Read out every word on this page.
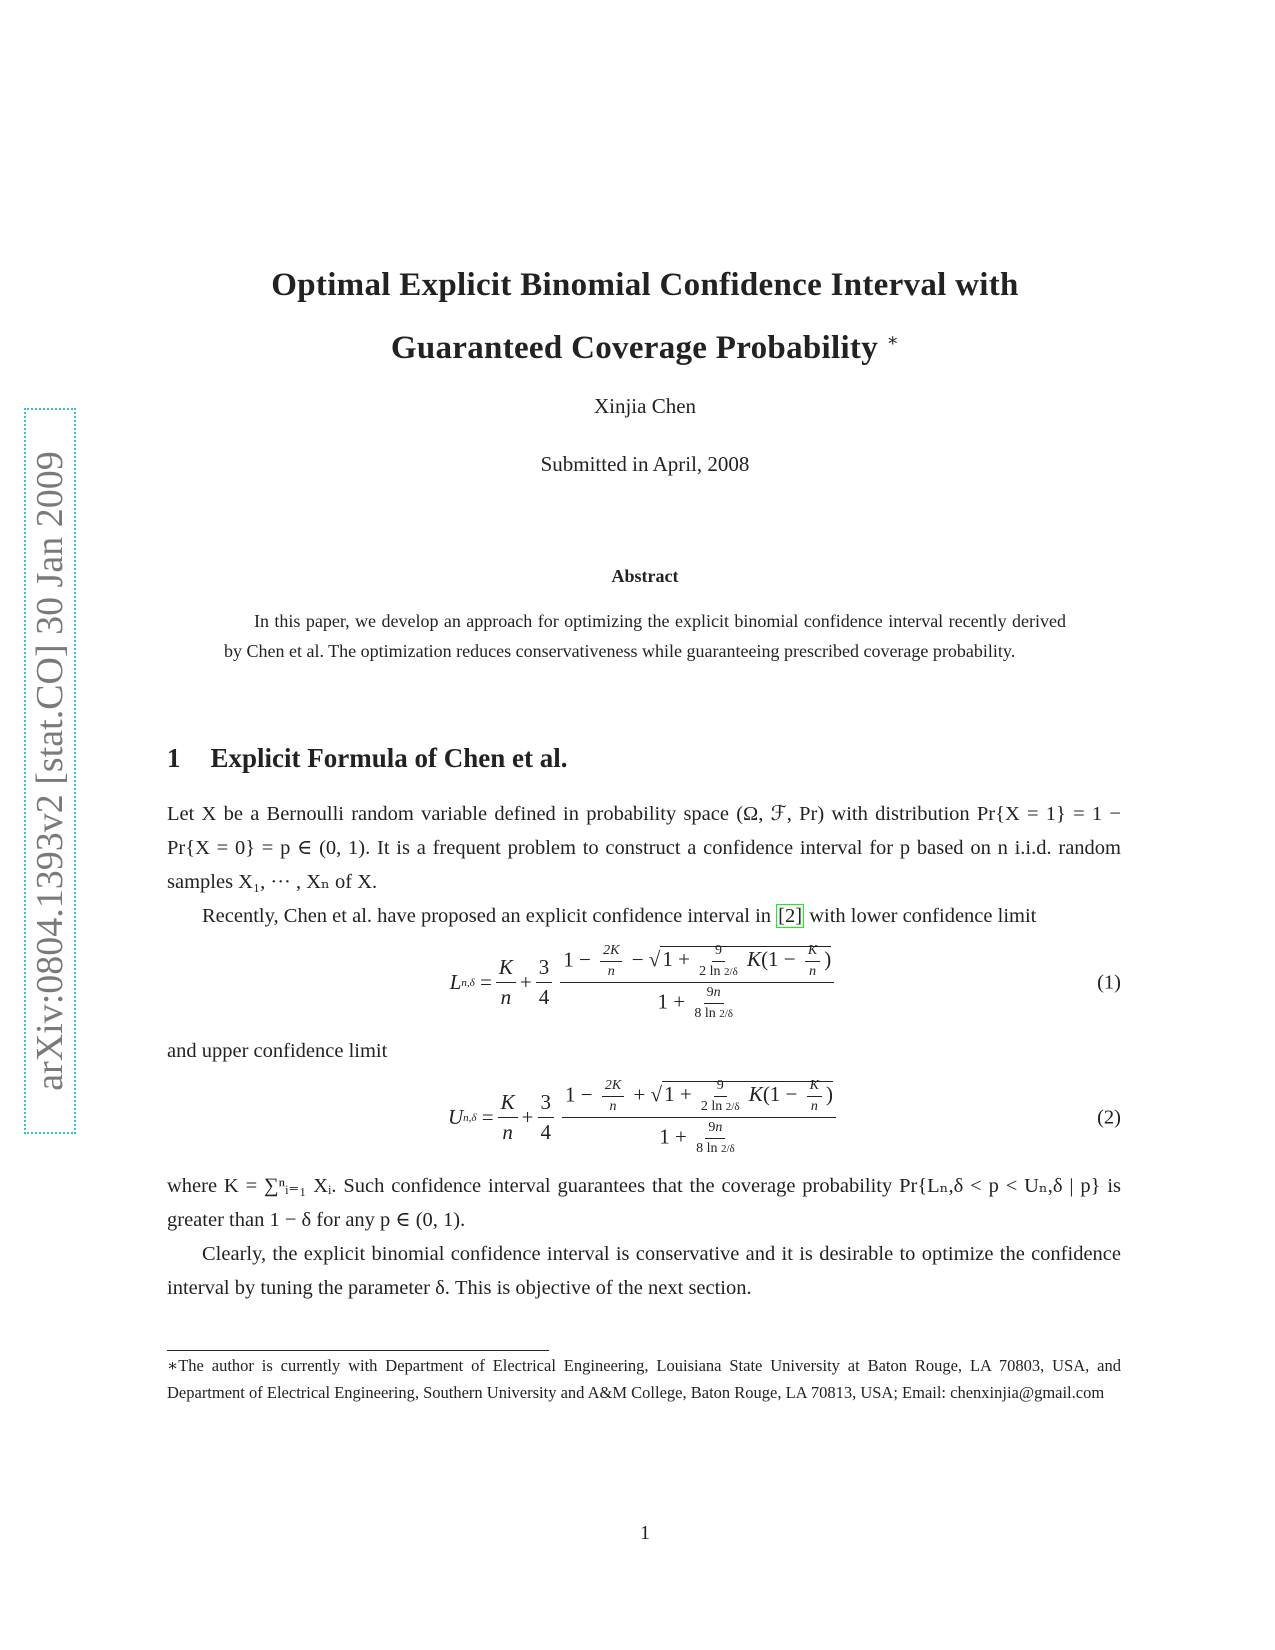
arXiv:0804.1393v2 [stat.CO] 30 Jan 2009
Optimal Explicit Binomial Confidence Interval with
Guaranteed Coverage Probability ∗
Xinjia Chen
Submitted in April, 2008
Abstract
In this paper, we develop an approach for optimizing the explicit binomial confidence interval recently derived by Chen et al. The optimization reduces conservativeness while guaranteeing prescribed coverage probability.
1 Explicit Formula of Chen et al.

Let X be a Bernoulli random variable defined in probability space (Ω, ℱ, Pr) with distribution Pr{X = 1} = 1 − Pr{X = 0} = p ∈ (0, 1). It is a frequent problem to construct a confidence interval for p based on n i.i.d. random samples X₁, ··· , Xₙ of X.

Recently, Chen et al. have proposed an explicit confidence interval in [2] with lower confidence limit

L $n,\delta = \frac{K}{n} + \frac{3}{4} \frac{1 - \frac{2K}{n} - √1 + \frac{9}{2 \ln 2/\delta} K(1 - \frac{K}{n} )}{1 + \frac{9n}{8 \ln 2/\delta}}$	(1)

and upper confidence limit

U $n,\delta = \frac{K}{n} + \frac{3}{4} \frac{1 - \frac{2K}{n} + √1 + \frac{9}{2 \ln 2/\delta} K(1 - \frac{K}{n} )}{1 + \frac{9n}{8 \ln 2/\delta}}$	(2)

where K = ∑ⁿᵢ₌₁ Xᵢ. Such confidence interval guarantees that the coverage probability Pr{Lₙ,δ < p < Uₙ,δ | p} is greater than 1 − δ for any p ∈ (0, 1).

Clearly, the explicit binomial confidence interval is conservative and it is desirable to optimize the confidence interval by tuning the parameter δ. This is objective of the next section.

∗The author is currently with Department of Electrical Engineering, Louisiana State University at Baton Rouge, LA 70803, USA, and Department of Electrical Engineering, Southern University and A&M College, Baton Rouge, LA 70813, USA; Email: chenxinjia@gmail.com
1
